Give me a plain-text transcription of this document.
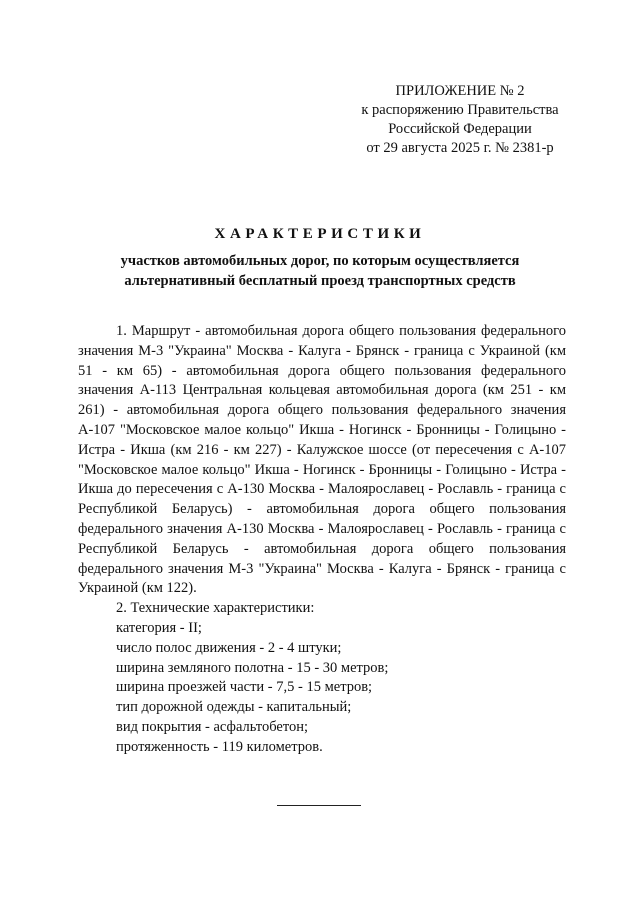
ПРИЛОЖЕНИЕ № 2
к распоряжению Правительства
Российской Федерации
от 29 августа 2025 г. № 2381-р
ХАРАКТЕРИСТИКИ
участков автомобильных дорог, по которым осуществляется
альтернативный бесплатный проезд транспортных средств

1. Маршрут - автомобильная дорога общего пользования федерального значения М-3 "Украина" Москва - Калуга - Брянск - граница с Украиной (км 51 - км 65) - автомобильная дорога общего пользования федерального значения А-113 Центральная кольцевая автомобильная дорога (км 251 - км 261) - автомобильная дорога общего пользования федерального значения А-107 "Московское малое кольцо" Икша - Ногинск - Бронницы - Голицыно - Истра - Икша (км 216 - км 227) - Калужское шоссе (от пересечения с А-107 "Московское малое кольцо" Икша - Ногинск - Бронницы - Голицыно - Истра - Икша до пересечения с А-130 Москва - Малоярославец - Рославль - граница с Республикой Беларусь) - автомобильная дорога общего пользования федерального значения А-130 Москва - Малоярославец - Рославль - граница с Республикой Беларусь - автомобильная дорога общего пользования федерального значения М-3 "Украина" Москва - Калуга - Брянск - граница с Украиной (км 122).

2. Технические характеристики:

категория - II;

число полос движения - 2 - 4 штуки;

ширина земляного полотна - 15 - 30 метров;

ширина проезжей части - 7,5 - 15 метров;

тип дорожной одежды - капитальный;

вид покрытия - асфальтобетон;

протяженность - 119 километров.
